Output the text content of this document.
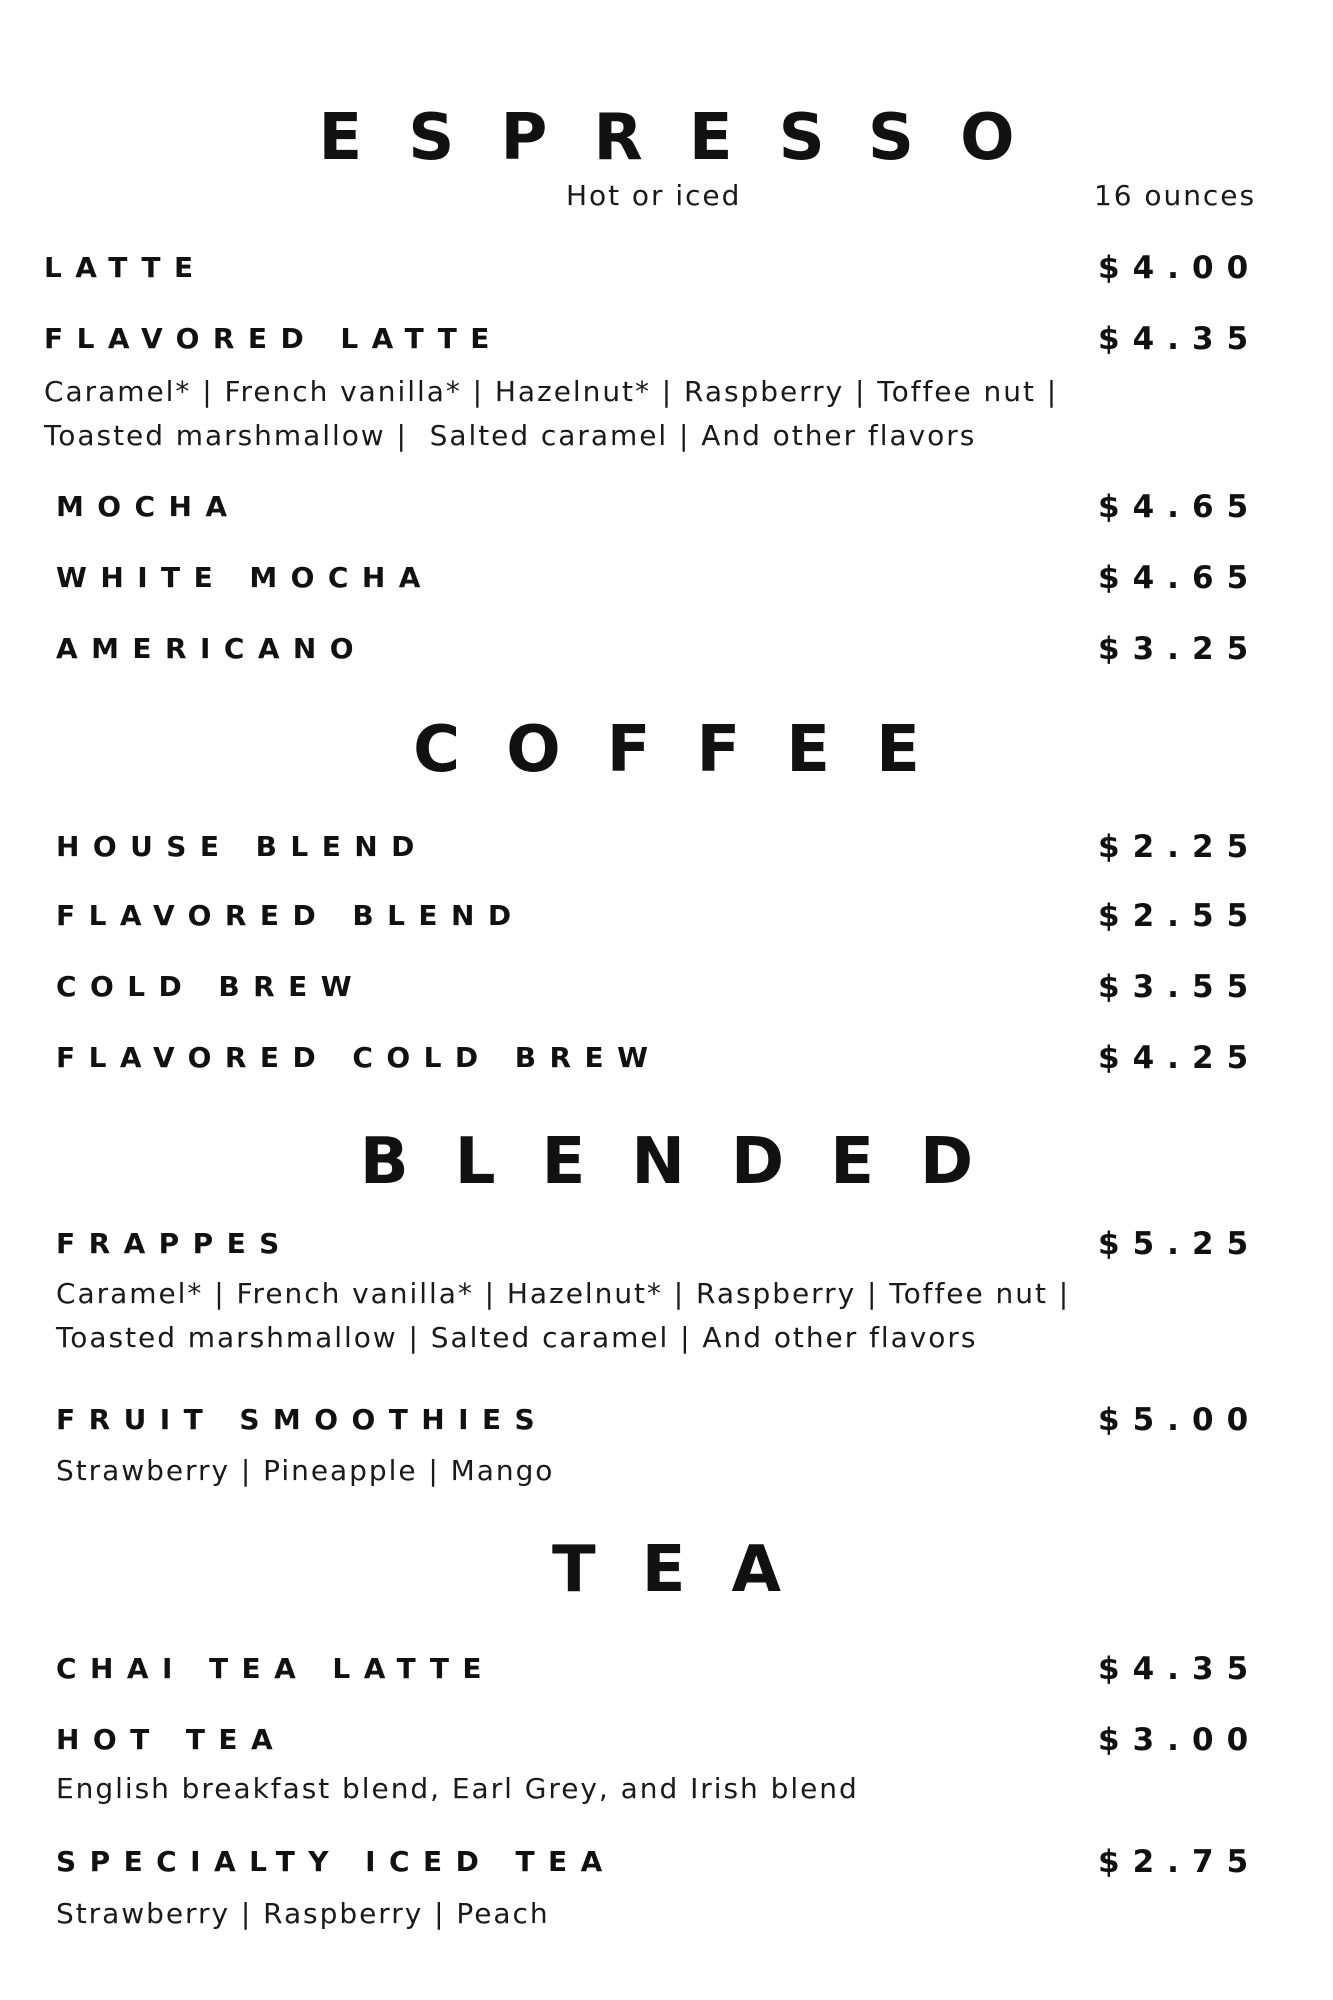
ESPRESSO
Hot or iced	16 ounces
LATTE	$4.00
FLAVORED LATTE	$4.35
Caramel* | French vanilla* | Hazelnut* | Raspberry | Toffee nut |
Toasted marshmallow |  Salted caramel | And other flavors
MOCHA	$4.65
WHITE MOCHA	$4.65
AMERICANO	$3.25
COFFEE
HOUSE BLEND	$2.25
FLAVORED BLEND	$2.55
COLD BREW	$3.55
FLAVORED COLD BREW	$4.25
BLENDED
FRAPPES	$5.25
Caramel* | French vanilla* | Hazelnut* | Raspberry | Toffee nut |
Toasted marshmallow | Salted caramel | And other flavors
FRUIT SMOOTHIES	$5.00
Strawberry | Pineapple | Mango
TEA
CHAI TEA LATTE	$4.35
HOT TEA	$3.00
English breakfast blend, Earl Grey, and Irish blend
SPECIALTY ICED TEA	$2.75
Strawberry | Raspberry | Peach
